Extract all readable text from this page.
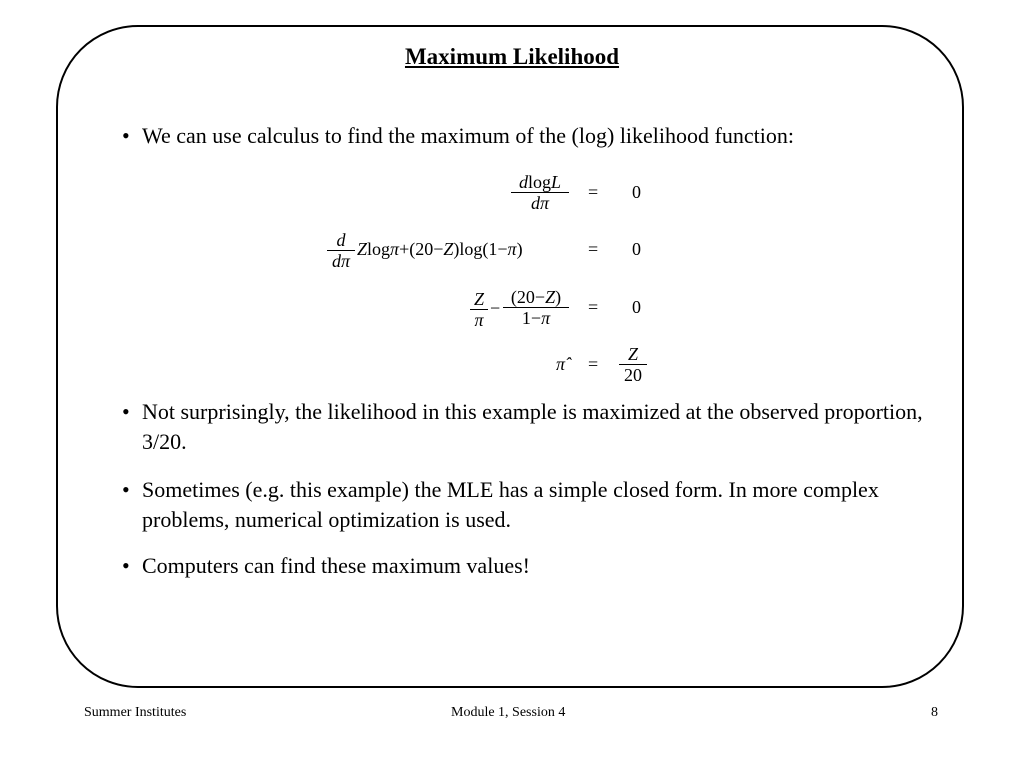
Maximum Likelihood
• We can use calculus to find the maximum of the (log) likelihood function:
dlogL
dπ
= 0
d
dπ
Zlogπ+(20−Z)log(1−π)	= 0
Z
π
−
(20−Z)
1−π
= 0
π̂ =	Z
20
• Not surprisingly, the likelihood in this example is maximized at the observed proportion, 3/20.
• Sometimes (e.g. this example) the MLE has a simple closed form. In more complex problems, numerical optimization is used.
• Computers can find these maximum values!
Summer Institutes	Module 1, Session 4	8
